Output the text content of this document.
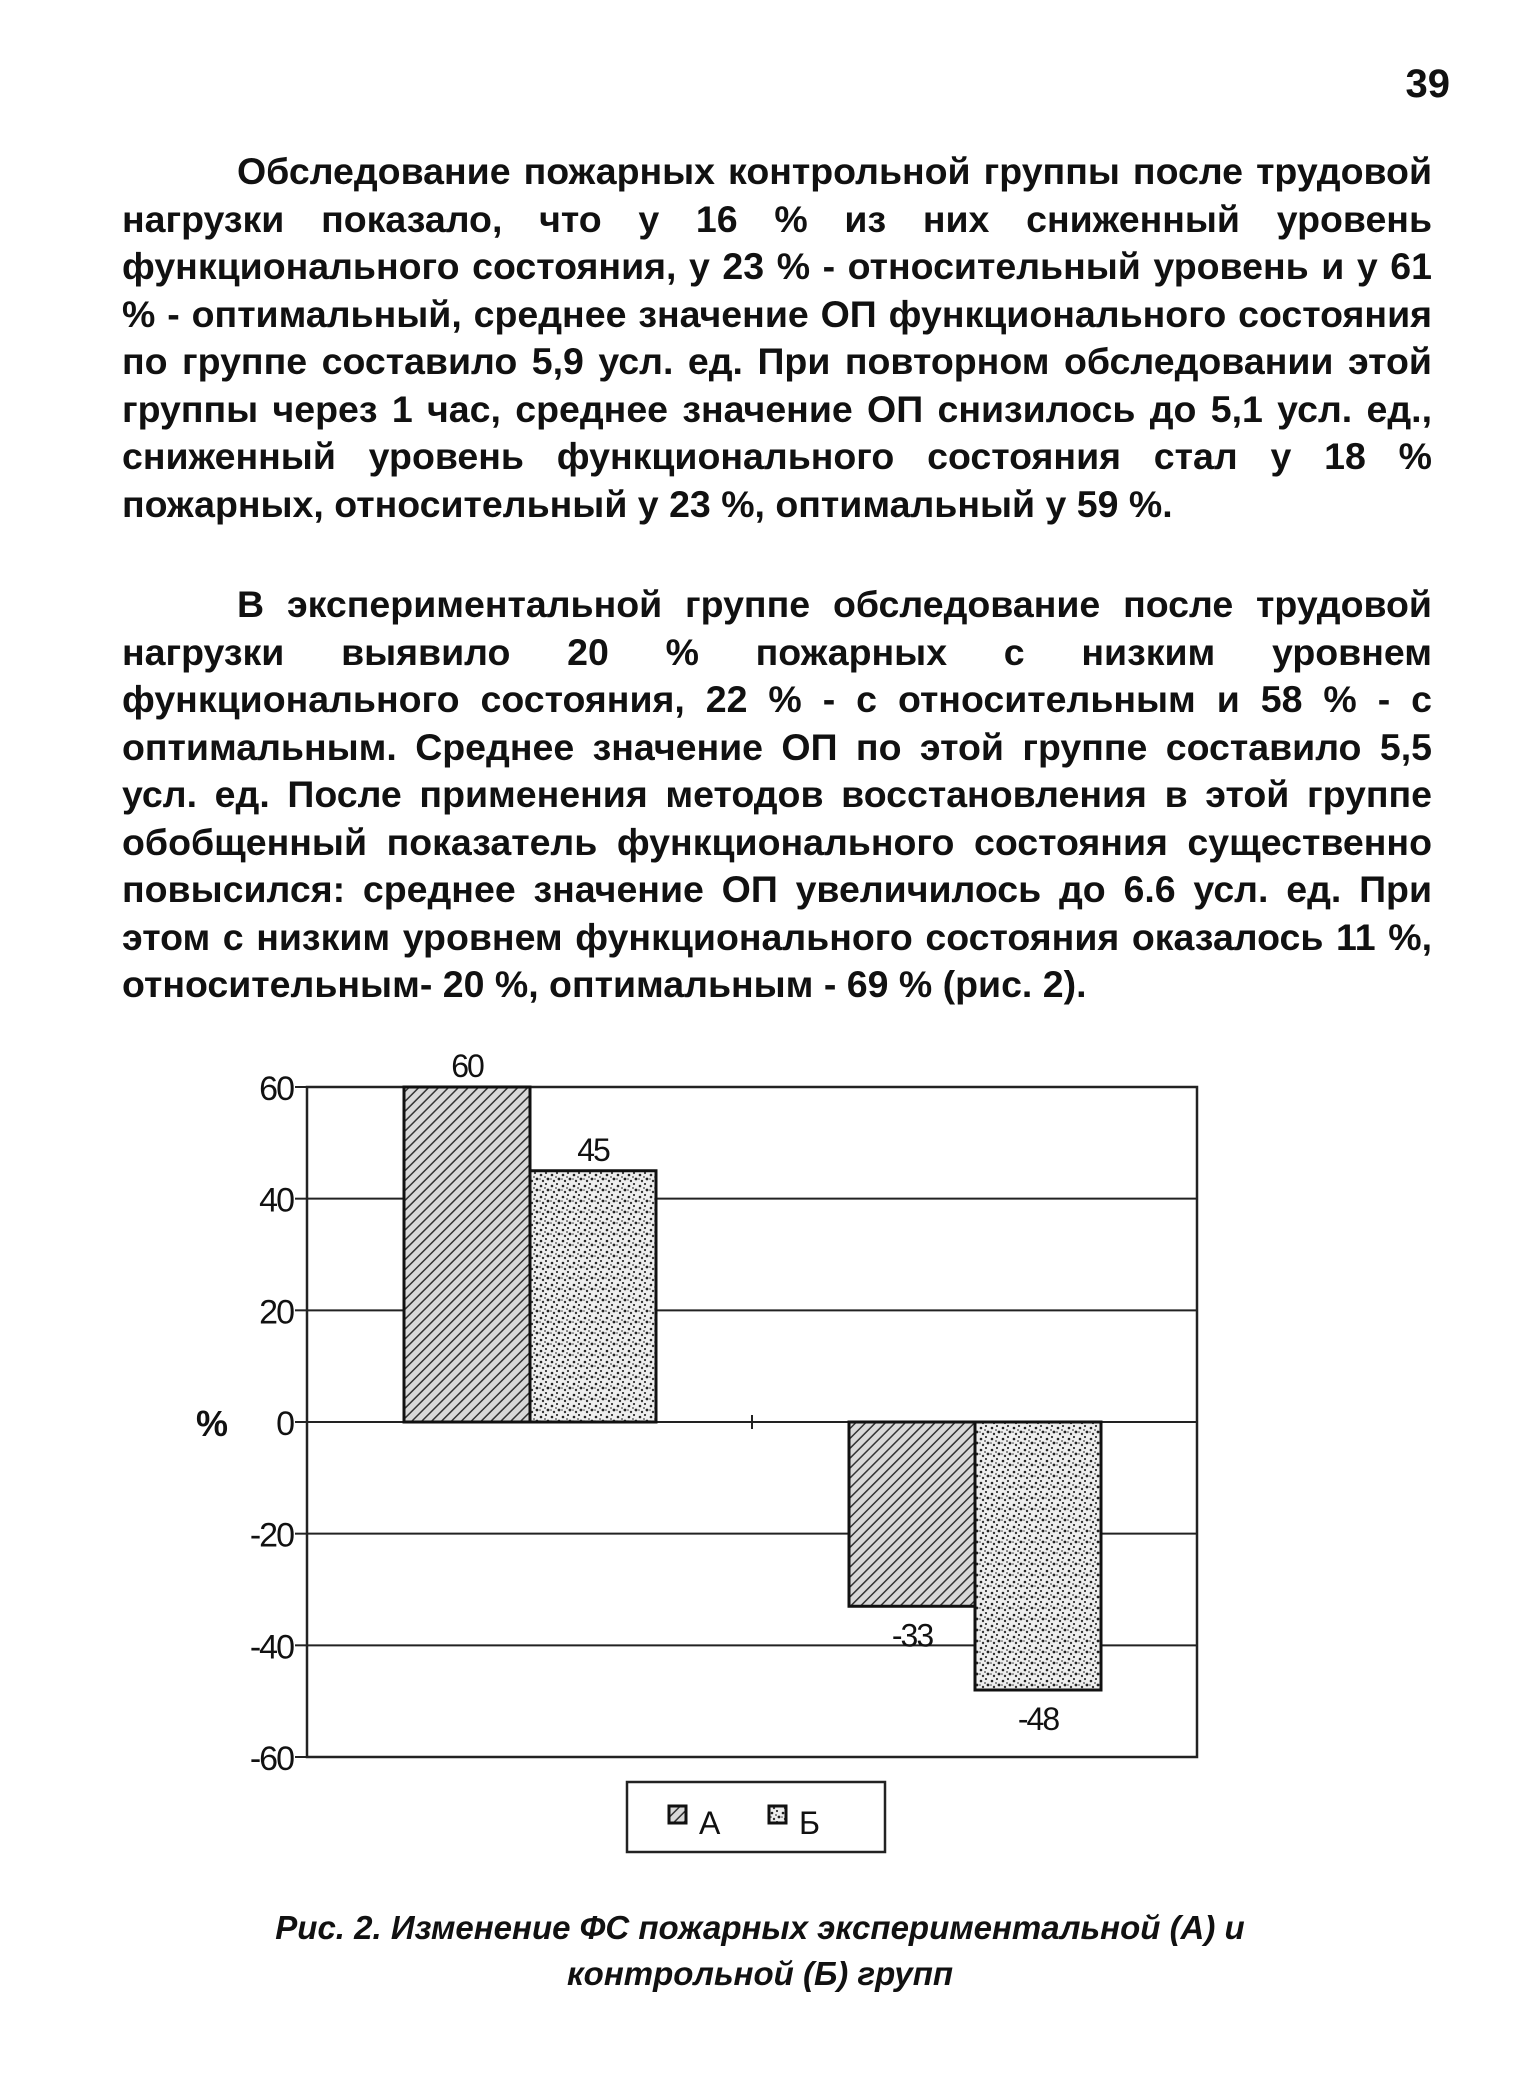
39

Обследование пожарных контрольной группы после трудовой нагрузки показало, что у 16 % из них сниженный уровень функционального состояния, у 23 % - относительный уровень и у 61 % - оптимальный, среднее значение ОП функционального состояния по группе составило 5,9 усл. ед. При повторном обследовании этой группы через 1 час, среднее значение ОП снизилось до 5,1 усл. ед., сниженный уровень функционального состояния стал у 18 % пожарных, относительный у 23 %, оптимальный у 59 %.

В экспериментальной группе обследование после трудовой нагрузки выявило 20 % пожарных с низким уровнем функционального состояния, 22 % - с относительным и 58 % - с оптимальным. Среднее значение ОП по этой группе составило 5,5 усл. ед. После применения методов восстановления в этой группе обобщенный показатель функционального состояния существенно повысился: среднее значение ОП увеличилось до 6.6 усл. ед. При этом с низким уровнем функционального состояния оказалось 11 %, относительным- 20 %, оптимальным - 69 % (рис. 2).

60
40
20
0
-20
-40
-60
%
60
45
-33
-48
А Б
Рис. 2. Изменение ФС пожарных экспериментальной (А) и
контрольной (Б) групп
